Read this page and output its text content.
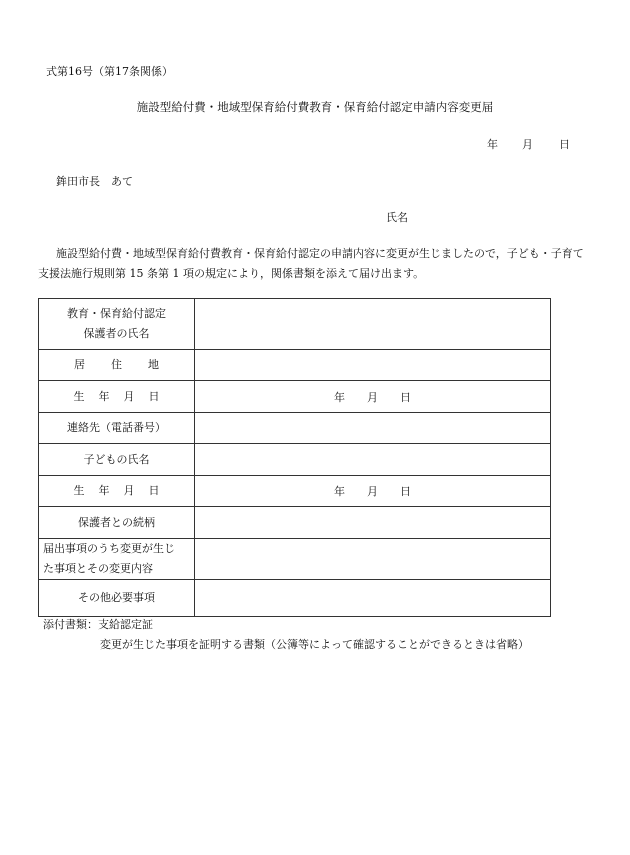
式第16号（第17条関係）
施設型給付費・地域型保育給付費教育・保育給付認定申請内容変更届
年 月 日
鉾田市長　あて
氏名

施設型給付費・地域型保育給付費教育・保育給付認定の申請内容に変更が生じましたので，子ども・子育て

支援法施行規則第 15 条第 1 項の規定により，関係書類を添えて届け出ます。

教育・保育給付認定
保護者の氏名	

居 住 地	
生 年 月 日	年 月 日
連絡先（電話番号）	
子どもの氏名	
生 年 月 日	年 月 日
保護者との続柄	

届出事項のうち変更が生じ
た事項とその変更内容	

その他必要事項	
添付書類：支給認定証
変更が生じた事項を証明する書類（公簿等によって確認することができるときは省略）
